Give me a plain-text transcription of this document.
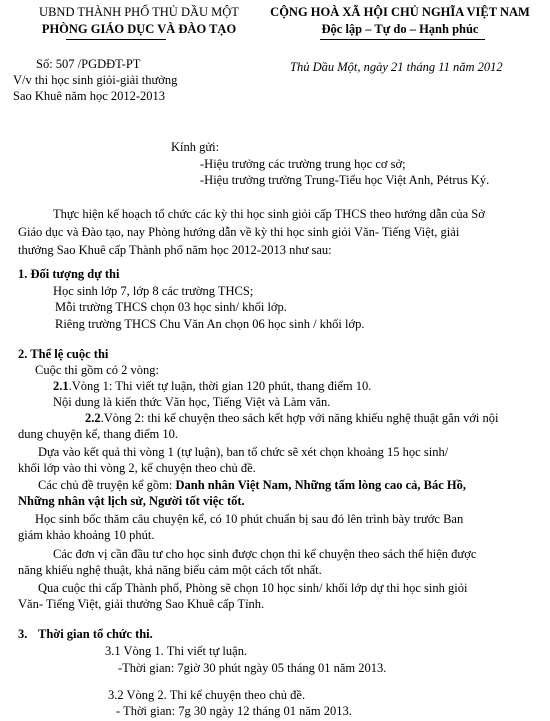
UBND THÀNH PHỐ THỦ DẦU MỘT
PHÒNG GIÁO DỤC VÀ ĐÀO TẠO
CỘNG HOÀ XÃ HỘI CHỦ NGHĨA VIỆT NAM
Độc lập – Tự do – Hạnh phúc
Số: 507 /PGDĐT-PT
V/v thi học sinh giỏi-giải thưởng
Sao Khuê năm học 2012-2013
Thủ Dầu Một, ngày 21 tháng 11 năm 2012
Kính gửi:
-Hiệu trưởng các trường trung học cơ sở;
-Hiệu trưởng trường Trung-Tiểu học Việt Anh, Pétrus Ký.
Thực hiện kế hoạch tổ chức các kỳ thi học sinh giỏi cấp THCS theo hướng dẫn của Sở
Giáo dục và Đào tạo, nay Phòng hướng dẫn về kỳ thi học sinh giỏi Văn- Tiếng Việt, giải
thưởng Sao Khuê cấp Thành phố năm học 2012-2013 như sau:
1. Đối tượng dự thi
Học sinh lớp 7, lớp 8 các trường THCS;
Mỗi trường THCS chọn 03 học sinh/ khối lớp.
Riêng trường THCS Chu Văn An chọn 06 học sinh / khối lớp.
2. Thể lệ cuộc thi
Cuộc thi gồm có 2 vòng:
2.1.Vòng 1: Thi viết tự luận, thời gian 120 phút, thang điểm 10.
Nội dung là kiến thức Văn học, Tiếng Việt và Làm văn.
2.2.Vòng 2: thi kể chuyện theo sách kết hợp với năng khiếu nghệ thuật gắn với nội
dung chuyện kể, thang điểm 10.
Dựa vào kết quả thi vòng 1 (tự luận), ban tổ chức sẽ xét chọn khoảng 15 học sinh/
khối lớp vào thi vòng 2, kể chuyện theo chủ đề.
Các chủ đề truyện kể gồm: Danh nhân Việt Nam, Những tấm lòng cao cả, Bác Hồ,
Những nhân vật lịch sử, Người tốt việc tốt.
Học sinh bốc thăm câu chuyện kể, có 10 phút chuẩn bị sau đó lên trình bày trước Ban
giám khảo khoảng 10 phút.
Các đơn vị cần đầu tư cho học sinh được chọn thi kể chuyện theo sách thể hiện được
năng khiếu nghệ thuật, khả năng biểu cảm một cách tốt nhất.
Qua cuộc thi cấp Thành phố, Phòng sẽ chọn 10 học sinh/ khối lớp dự thi học sinh giỏi
Văn- Tiếng Việt, giải thưởng Sao Khuê cấp Tỉnh.
3. Thời gian tổ chức thi.
3.1 Vòng 1. Thi viết tự luận.
-Thời gian: 7giờ 30 phút ngày 05 tháng 01 năm 2013.
3.2 Vòng 2. Thi kể chuyện theo chủ đề.
- Thời gian: 7g 30 ngày 12 tháng 01 năm 2013.
